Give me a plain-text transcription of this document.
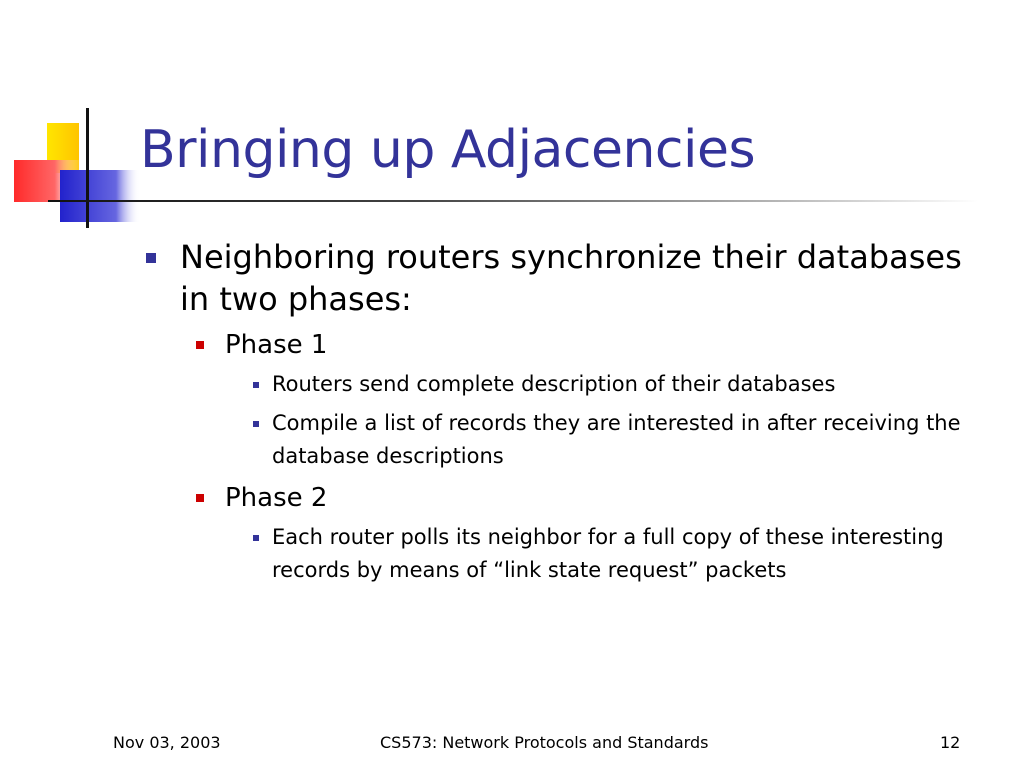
Bringing up Adjacencies
Neighboring routers synchronize their databases in two phases:
Phase 1
Routers send complete description of their databases
Compile a list of records they are interested in after receiving the database descriptions
Phase 2
Each router polls its neighbor for a full copy of these interesting records by means of “link state request” packets
Nov 03, 2003	CS573: Network Protocols and Standards	12
